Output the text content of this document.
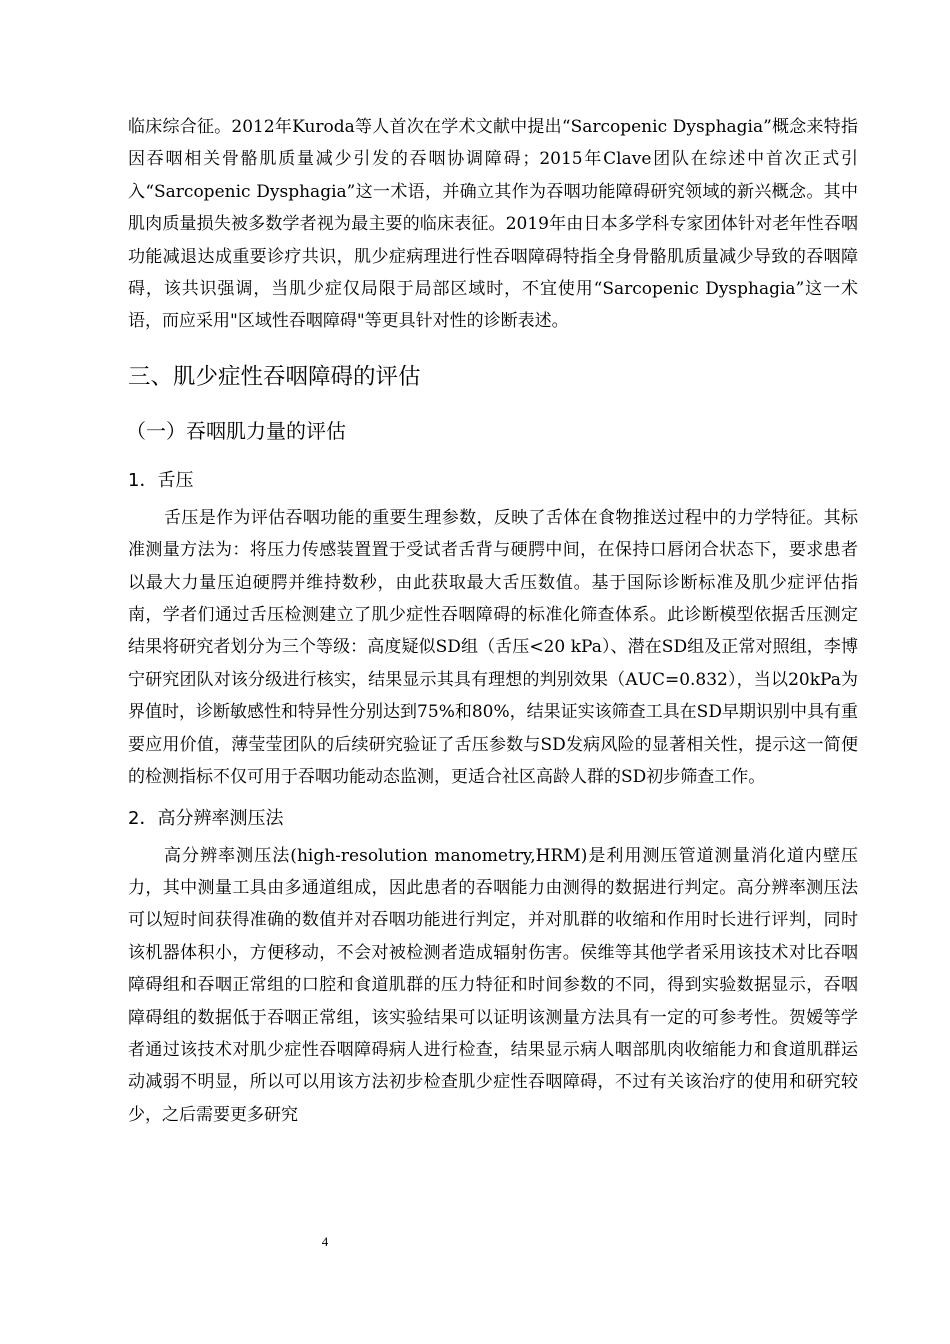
临床综合征。2012年Kuroda等人首次在学术文献中提出“Sarcopenic Dysphagia”概念来特指因吞咽相关骨骼肌质量减少引发的吞咽协调障碍；2015年Clave团队在综述中首次正式引入“Sarcopenic Dysphagia”这一术语，并确立其作为吞咽功能障碍研究领域的新兴概念。其中肌肉质量损失被多数学者视为最主要的临床表征。2019年由日本多学科专家团体针对老年性吞咽功能减退达成重要诊疗共识，肌少症病理进行性吞咽障碍特指全身骨骼肌质量减少导致的吞咽障碍，该共识强调，当肌少症仅局限于局部区域时，不宜使用“Sarcopenic Dysphagia”这一术语，而应采用"区域性吞咽障碍"等更具针对性的诊断表述。

三、肌少症性吞咽障碍的评估
（一）吞咽肌力量的评估
1．舌压

舌压是作为评估吞咽功能的重要生理参数，反映了舌体在食物推送过程中的力学特征。其标准测量方法为：将压力传感装置置于受试者舌背与硬腭中间，在保持口唇闭合状态下，要求患者以最大力量压迫硬腭并维持数秒，由此获取最大舌压数值。基于国际诊断标准及肌少症评估指南，学者们通过舌压检测建立了肌少症性吞咽障碍的标准化筛查体系。此诊断模型依据舌压测定结果将研究者划分为三个等级：高度疑似SD组（舌压<20 kPa）、潜在SD组及正常对照组，李博宁研究团队对该分级进行核实，结果显示其具有理想的判别效果（AUC=0.832），当以20kPa为界值时，诊断敏感性和特异性分别达到75%和80%，结果证实该筛查工具在SD早期识别中具有重要应用价值，薄莹莹团队的后续研究验证了舌压参数与SD发病风险的显著相关性，提示这一简便的检测指标不仅可用于吞咽功能动态监测，更适合社区高龄人群的SD初步筛查工作。

2．高分辨率测压法

高分辨率测压法(high-resolution manometry,HRM)是利用测压管道测量消化道内壁压力，其中测量工具由多通道组成，因此患者的吞咽能力由测得的数据进行判定。高分辨率测压法可以短时间获得准确的数值并对吞咽功能进行判定，并对肌群的收缩和作用时长进行评判，同时该机器体积小，方便移动，不会对被检测者造成辐射伤害。侯维等其他学者采用该技术对比吞咽障碍组和吞咽正常组的口腔和食道肌群的压力特征和时间参数的不同，得到实验数据显示，吞咽障碍组的数据低于吞咽正常组，该实验结果可以证明该测量方法具有一定的可参考性。贺嫒等学者通过该技术对肌少症性吞咽障碍病人进行检查，结果显示病人咽部肌肉收缩能力和食道肌群运动减弱不明显，所以可以用该方法初步检查肌少症性吞咽障碍，不过有关该治疗的使用和研究较少，之后需要更多研究

4
